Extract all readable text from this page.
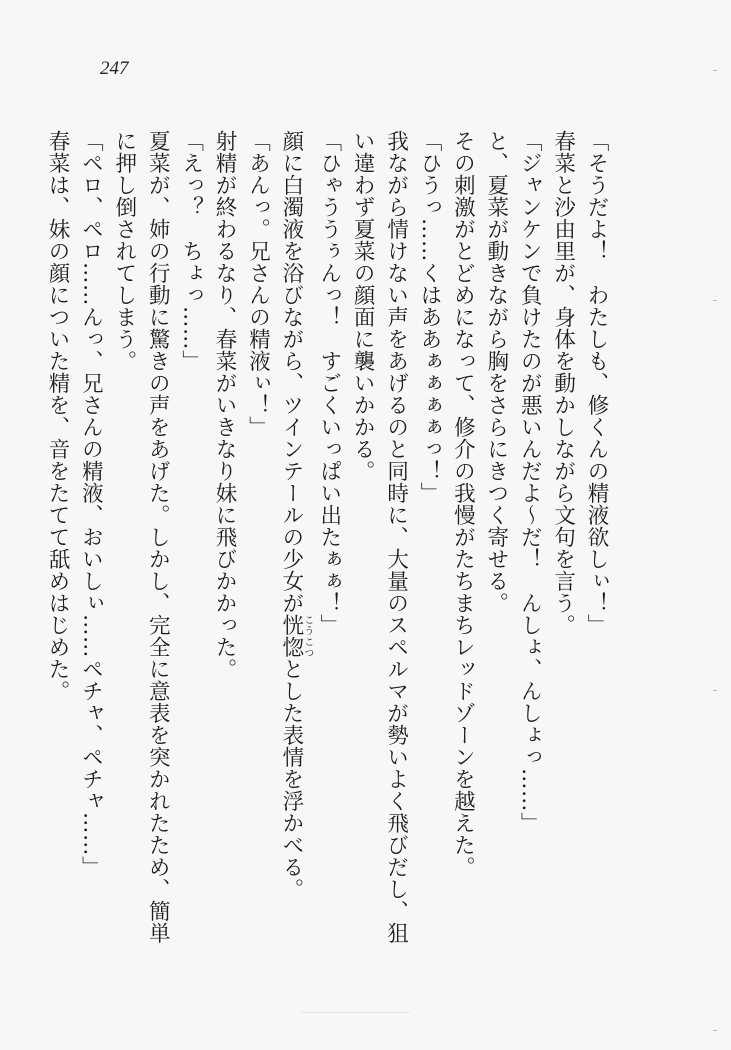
247
「そうだよ！　わたしも、修くんの精液欲しぃ！」
春菜と沙由里が、身体を動かしながら文句を言う。
「ジャンケンで負けたのが悪いんだよ～だ！　んしょ、んしょっ……」
と、夏菜が動きながら胸をさらにきつく寄せる。
その刺激がとどめになって、修介の我慢がたちまちレッドゾーンを越えた。
「ひうっ……くはああぁぁぁぁっ！」
我ながら情けない声をあげるのと同時に、大量のスペルマが勢いよく飛びだし、狙
い違わず夏菜の顔面に襲いかかる。
「ひゃううぅんっ！　すごくいっぱい出たぁぁ！」
顔に白濁液を浴びながら、ツインテールの少女が恍惚こうこつとした表情を浮かべる。
「あんっ。兄さんの精液ぃ！」
射精が終わるなり、春菜がいきなり妹に飛びかかった。
「えっ？　ちょっ……」
夏菜が、姉の行動に驚きの声をあげた。しかし、完全に意表を突かれたため、簡単
に押し倒されてしまう。
「ペロ、ペロ……んっ、兄さんの精液、おいしぃ……ペチャ、ペチャ……」
春菜は、妹の顔についた精を、音をたてて舐めはじめた。
